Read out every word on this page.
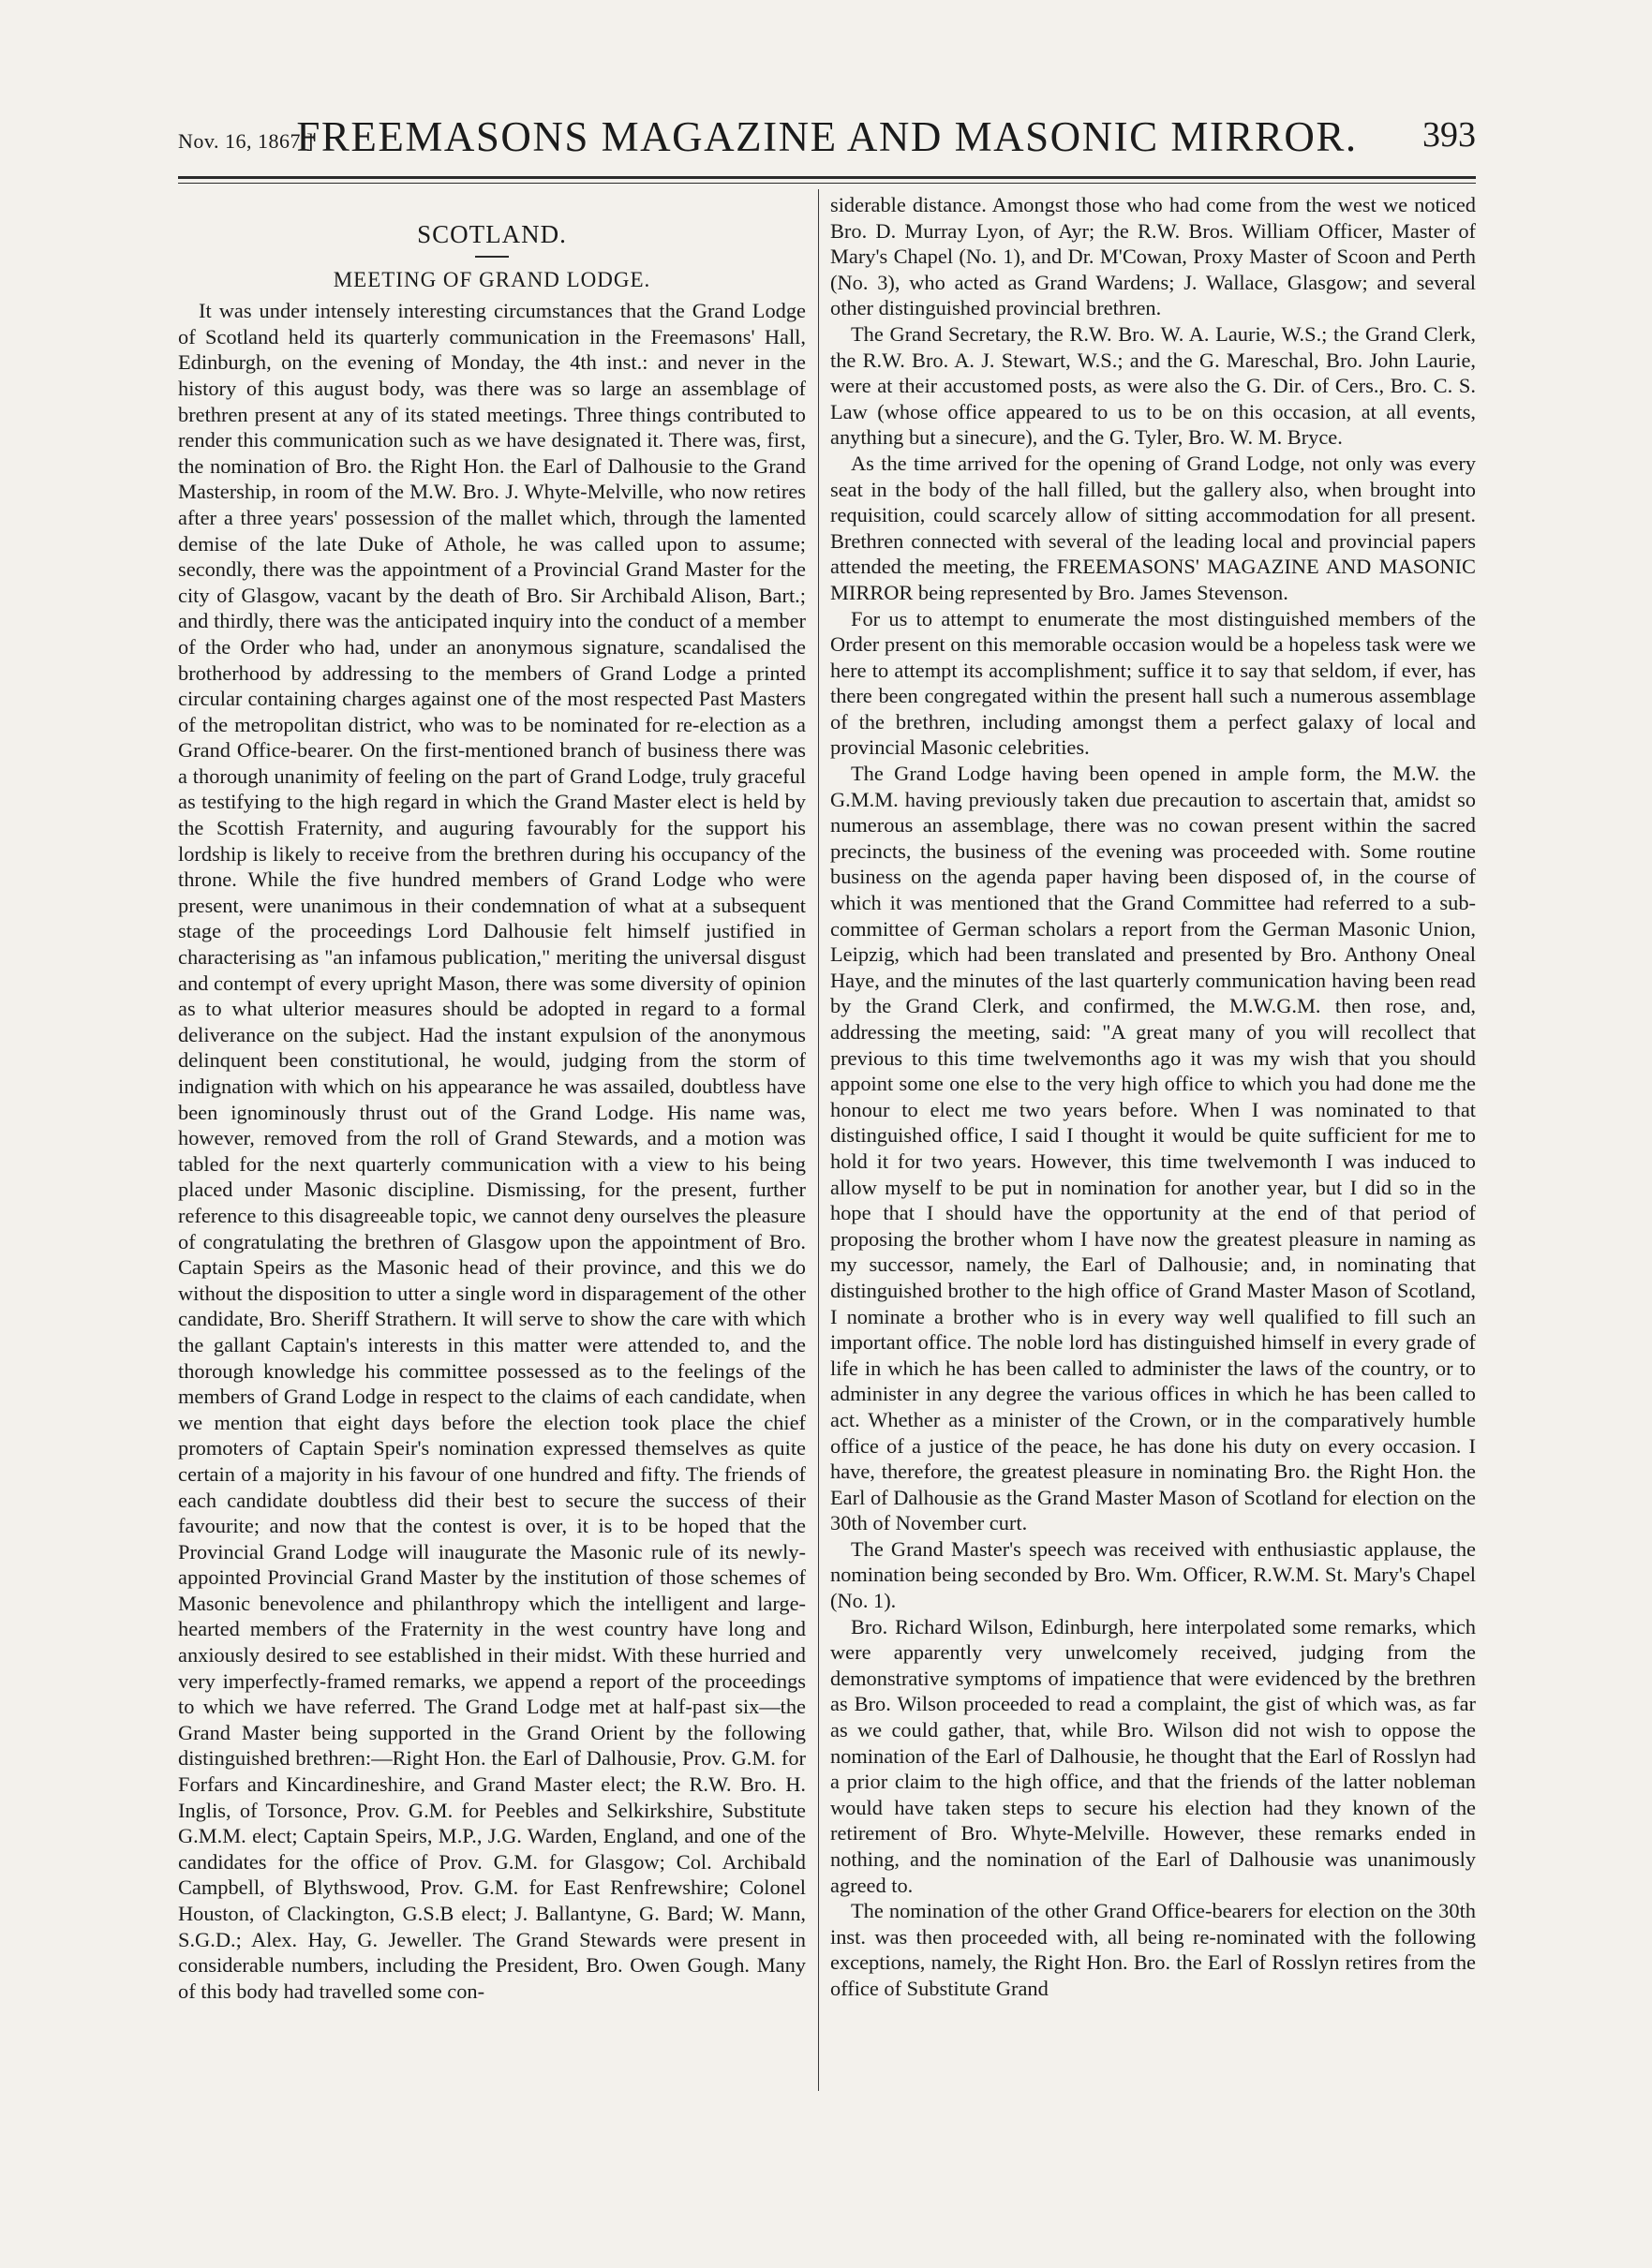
Nov. 16, 1867.]
FREEMASONS MAGAZINE AND MASONIC MIRROR.	393
SCOTLAND.
MEETING OF GRAND LODGE.

It was under intensely interesting circumstances that the Grand Lodge of Scotland held its quarterly communication in the Freemasons' Hall, Edinburgh, on the evening of Monday, the 4th inst.: and never in the history of this august body, was there was so large an assemblage of brethren present at any of its stated meetings. Three things contributed to render this communication such as we have designated it. There was, first, the nomination of Bro. the Right Hon. the Earl of Dalhousie to the Grand Mastership, in room of the M.W. Bro. J. Whyte-Melville, who now retires after a three years' possession of the mallet which, through the lamented demise of the late Duke of Athole, he was called upon to assume; secondly, there was the appointment of a Provincial Grand Master for the city of Glasgow, vacant by the death of Bro. Sir Archibald Alison, Bart.; and thirdly, there was the anticipated inquiry into the conduct of a member of the Order who had, under an anonymous signature, scandalised the brotherhood by addressing to the members of Grand Lodge a printed circular containing charges against one of the most respected Past Masters of the metropolitan district, who was to be nominated for re-election as a Grand Office-bearer. On the first-mentioned branch of business there was a thorough unanimity of feeling on the part of Grand Lodge, truly graceful as testifying to the high regard in which the Grand Master elect is held by the Scottish Fraternity, and auguring favourably for the support his lordship is likely to receive from the brethren during his occupancy of the throne. While the five hundred members of Grand Lodge who were present, were unanimous in their condemnation of what at a subsequent stage of the proceedings Lord Dalhousie felt himself justified in characterising as "an infamous publication," meriting the universal disgust and contempt of every upright Mason, there was some diversity of opinion as to what ulterior measures should be adopted in regard to a formal deliverance on the subject. Had the instant expulsion of the anonymous delinquent been constitutional, he would, judging from the storm of indignation with which on his appearance he was assailed, doubtless have been ignominously thrust out of the Grand Lodge. His name was, however, removed from the roll of Grand Stewards, and a motion was tabled for the next quarterly communication with a view to his being placed under Masonic discipline. Dismissing, for the present, further reference to this disagreeable topic, we cannot deny ourselves the pleasure of congratulating the brethren of Glasgow upon the appointment of Bro. Captain Speirs as the Masonic head of their province, and this we do without the disposition to utter a single word in disparagement of the other candidate, Bro. Sheriff Strathern. It will serve to show the care with which the gallant Captain's interests in this matter were attended to, and the thorough knowledge his committee possessed as to the feelings of the members of Grand Lodge in respect to the claims of each candidate, when we mention that eight days before the election took place the chief promoters of Captain Speir's nomination expressed themselves as quite certain of a majority in his favour of one hundred and fifty. The friends of each candidate doubtless did their best to secure the success of their favourite; and now that the contest is over, it is to be hoped that the Provincial Grand Lodge will inaugurate the Masonic rule of its newly-appointed Provincial Grand Master by the institution of those schemes of Masonic benevolence and philanthropy which the intelligent and large-hearted members of the Fraternity in the west country have long and anxiously desired to see established in their midst. With these hurried and very imperfectly-framed remarks, we append a report of the proceedings to which we have referred. The Grand Lodge met at half-past six—the Grand Master being supported in the Grand Orient by the following distinguished brethren:—Right Hon. the Earl of Dalhousie, Prov. G.M. for Forfars and Kincardineshire, and Grand Master elect; the R.W. Bro. H. Inglis, of Torsonce, Prov. G.M. for Peebles and Selkirkshire, Substitute G.M.M. elect; Captain Speirs, M.P., J.G. Warden, England, and one of the candidates for the office of Prov. G.M. for Glasgow; Col. Archibald Campbell, of Blythswood, Prov. G.M. for East Renfrewshire; Colonel Houston, of Clackington, G.S.B elect; J. Ballantyne, G. Bard; W. Mann, S.G.D.; Alex. Hay, G. Jeweller. The Grand Stewards were present in considerable numbers, including the President, Bro. Owen Gough. Many of this body had travelled some con-

siderable distance. Amongst those who had come from the west we noticed Bro. D. Murray Lyon, of Ayr; the R.W. Bros. William Officer, Master of Mary's Chapel (No. 1), and Dr. M'Cowan, Proxy Master of Scoon and Perth (No. 3), who acted as Grand Wardens; J. Wallace, Glasgow; and several other distinguished provincial brethren.

The Grand Secretary, the R.W. Bro. W. A. Laurie, W.S.; the Grand Clerk, the R.W. Bro. A. J. Stewart, W.S.; and the G. Mareschal, Bro. John Laurie, were at their accustomed posts, as were also the G. Dir. of Cers., Bro. C. S. Law (whose office appeared to us to be on this occasion, at all events, anything but a sinecure), and the G. Tyler, Bro. W. M. Bryce.

As the time arrived for the opening of Grand Lodge, not only was every seat in the body of the hall filled, but the gallery also, when brought into requisition, could scarcely allow of sitting accommodation for all present. Brethren connected with several of the leading local and provincial papers attended the meeting, the FREEMASONS' MAGAZINE AND MASONIC MIRROR being represented by Bro. James Stevenson.

For us to attempt to enumerate the most distinguished members of the Order present on this memorable occasion would be a hopeless task were we here to attempt its accomplishment; suffice it to say that seldom, if ever, has there been congregated within the present hall such a numerous assemblage of the brethren, including amongst them a perfect galaxy of local and provincial Masonic celebrities.

The Grand Lodge having been opened in ample form, the M.W. the G.M.M. having previously taken due precaution to ascertain that, amidst so numerous an assemblage, there was no cowan present within the sacred precincts, the business of the evening was proceeded with. Some routine business on the agenda paper having been disposed of, in the course of which it was mentioned that the Grand Committee had referred to a sub-committee of German scholars a report from the German Masonic Union, Leipzig, which had been translated and presented by Bro. Anthony Oneal Haye, and the minutes of the last quarterly communication having been read by the Grand Clerk, and confirmed, the M.W.G.M. then rose, and, addressing the meeting, said: "A great many of you will recollect that previous to this time twelvemonths ago it was my wish that you should appoint some one else to the very high office to which you had done me the honour to elect me two years before. When I was nominated to that distinguished office, I said I thought it would be quite sufficient for me to hold it for two years. However, this time twelvemonth I was induced to allow myself to be put in nomination for another year, but I did so in the hope that I should have the opportunity at the end of that period of proposing the brother whom I have now the greatest pleasure in naming as my successor, namely, the Earl of Dalhousie; and, in nominating that distinguished brother to the high office of Grand Master Mason of Scotland, I nominate a brother who is in every way well qualified to fill such an important office. The noble lord has distinguished himself in every grade of life in which he has been called to administer the laws of the country, or to administer in any degree the various offices in which he has been called to act. Whether as a minister of the Crown, or in the comparatively humble office of a justice of the peace, he has done his duty on every occasion. I have, therefore, the greatest pleasure in nominating Bro. the Right Hon. the Earl of Dalhousie as the Grand Master Mason of Scotland for election on the 30th of November curt.

The Grand Master's speech was received with enthusiastic applause, the nomination being seconded by Bro. Wm. Officer, R.W.M. St. Mary's Chapel (No. 1).

Bro. Richard Wilson, Edinburgh, here interpolated some remarks, which were apparently very unwelcomely received, judging from the demonstrative symptoms of impatience that were evidenced by the brethren as Bro. Wilson proceeded to read a complaint, the gist of which was, as far as we could gather, that, while Bro. Wilson did not wish to oppose the nomination of the Earl of Dalhousie, he thought that the Earl of Rosslyn had a prior claim to the high office, and that the friends of the latter nobleman would have taken steps to secure his election had they known of the retirement of Bro. Whyte-Melville. However, these remarks ended in nothing, and the nomination of the Earl of Dalhousie was unanimously agreed to.

The nomination of the other Grand Office-bearers for election on the 30th inst. was then proceeded with, all being re-nominated with the following exceptions, namely, the Right Hon. Bro. the Earl of Rosslyn retires from the office of Substitute Grand
